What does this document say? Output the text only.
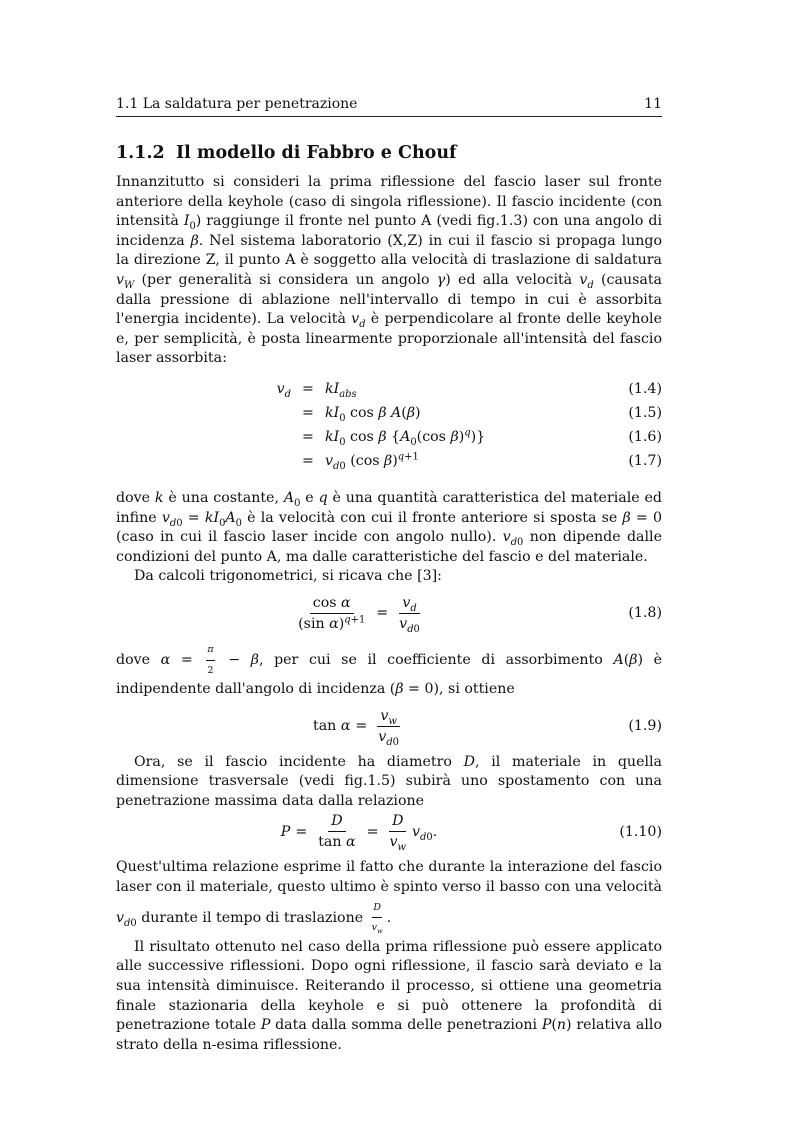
1.1 La saldatura per penetrazione	11
1.1.2 Il modello di Fabbro e Chouf

Innanzitutto si consideri la prima riflessione del fascio laser sul fronte anteriore della keyhole (caso di singola riflessione). Il fascio incidente (con intensità $I_0$) raggiunge il fronte nel punto A (vedi fig.1.3) con una angolo di incidenza β. Nel sistema laboratorio (X,Z) in cui il fascio si propaga lungo la direzione Z, il punto A è soggetto alla velocità di traslazione di saldatura $v_W$ (per generalità si considera un angolo γ) ed alla velocità $v_d$ (causata dalla pressione di ablazione nell'intervallo di tempo in cui è assorbita l'energia incidente). La velocità $v_d$ è perpendicolare al fronte delle keyhole e, per semplicità, è posta linearmente proporzionale all'intensità del fascio laser assorbita:

$v_d = kI_{abs}$	(1.4)
= $kI_0$ cos β A(β)	(1.5)
= $kI_0$ cos β {$A_0(\cos$ β)$^q$)}	(1.6)
= $v_{d0}$ (cos β)$^{q+1}$	(1.7)

dove k è una costante, $A_0$ e q è una quantità caratteristica del materiale ed infine $v_{d0} = kI_0A_0$ è la velocità con cui il fronte anteriore si sposta se β = 0 (caso in cui il fascio laser incide con angolo nullo). $v_{d0}$ non dipende dalle condizioni del punto A, ma dalle caratteristiche del fascio e del materiale.

Da calcoli trigonometrici, si ricava che [3]:

$\frac{\text{cos α}}{(\sin \alpha)^{q+1}} = \frac{v_d}{v_{d0}}$	(1.8)

dove $\alpha = \frac{\pi}{2} - \beta$, per cui se il coefficiente di assorbimento A(β) è indipendente dall'angolo di incidenza (β = 0), si ottiene

$\tan \alpha = \frac{v_w}{v_{d0}}$	(1.9)

Ora, se il fascio incidente ha diametro D, il materiale in quella dimensione trasversale (vedi fig.1.5) subirà uno spostamento con una penetrazione massima data dalla relazione

$P = \frac{D}{\text{tan α}} = \frac{D}{v_w} v_{d0}$.	(1.10)

Quest'ultima relazione esprime il fatto che durante la interazione del fascio laser con il materiale, questo ultimo è spinto verso il basso con una velocità $v_{d0}$ durante il tempo di traslazione $\frac{D}{v_w}$ .

Il risultato ottenuto nel caso della prima riflessione può essere applicato alle successive riflessioni. Dopo ogni riflessione, il fascio sarà deviato e la sua intensità diminuisce. Reiterando il processo, si ottiene una geometria finale stazionaria della keyhole e si può ottenere la profondità di penetrazione totale P data dalla somma delle penetrazioni P(n) relativa allo strato della n-esima riflessione.
